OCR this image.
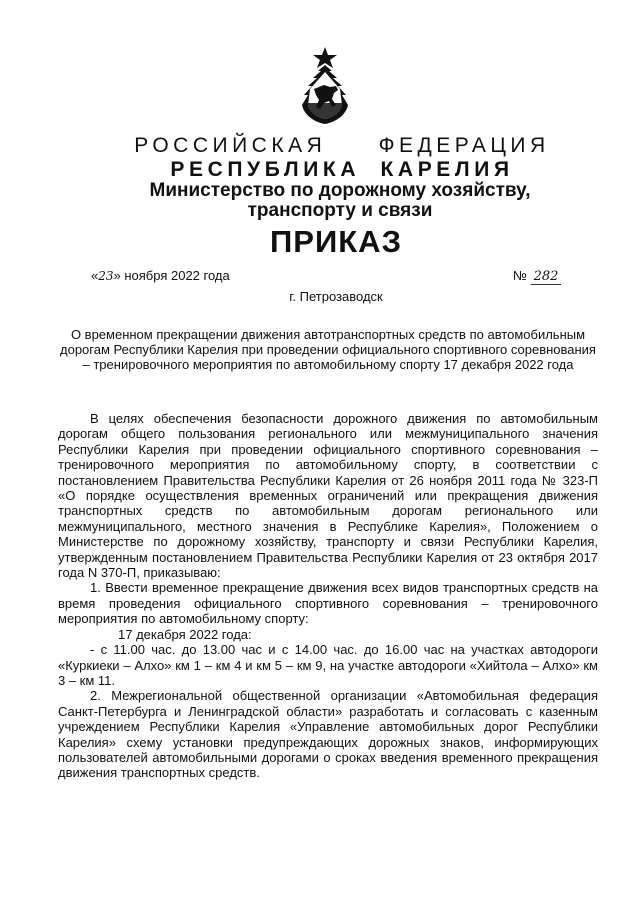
РОССИЙСКАЯ ФЕДЕРАЦИЯ
РЕСПУБЛИКА КАРЕЛИЯ
Министерство по дорожному хозяйству,
транспорту и связи
ПРИКАЗ
«23» ноября 2022 года	№ 282
г. Петрозаводск
О временном прекращении движения автотранспортных средств по автомобильным дорогам Республики Карелия при проведении официального спортивного соревнования – тренировочного мероприятия по автомобильному спорту 17 декабря 2022 года

В целях обеспечения безопасности дорожного движения по автомобильным дорогам общего пользования регионального или межмуниципального значения Республики Карелия при проведении официального спортивного соревнования – тренировочного мероприятия по автомобильному спорту, в соответствии с постановлением Правительства Республики Карелия от 26 ноября 2011 года № 323-П «О порядке осуществления временных ограничений или прекращения движения транспортных средств по автомобильным дорогам регионального или межмуниципального, местного значения в Республике Карелия», Положением о Министерстве по дорожному хозяйству, транспорту и связи Республики Карелия, утвержденным постановлением Правительства Республики Карелия от 23 октября 2017 года N 370-П, приказываю:

1. Ввести временное прекращение движения всех видов транспортных средств на время проведения официального спортивного соревнования – тренировочного мероприятия по автомобильному спорту:

17 декабря 2022 года:

- с 11.00 час. до 13.00 час и с 14.00 час. до 16.00 час на участках автодороги «Куркиеки – Алхо» км 1 – км 4 и км 5 – км 9, на участке автодороги «Хийтола – Алхо» км 3 – км 11.

2. Межрегиональной общественной организации «Автомобильная федерация Санкт-Петербурга и Ленинградской области» разработать и согласовать с казенным учреждением Республики Карелия «Управление автомобильных дорог Республики Карелия» схему установки предупреждающих дорожных знаков, информирующих пользователей автомобильными дорогами о сроках введения временного прекращения движения транспортных средств.
